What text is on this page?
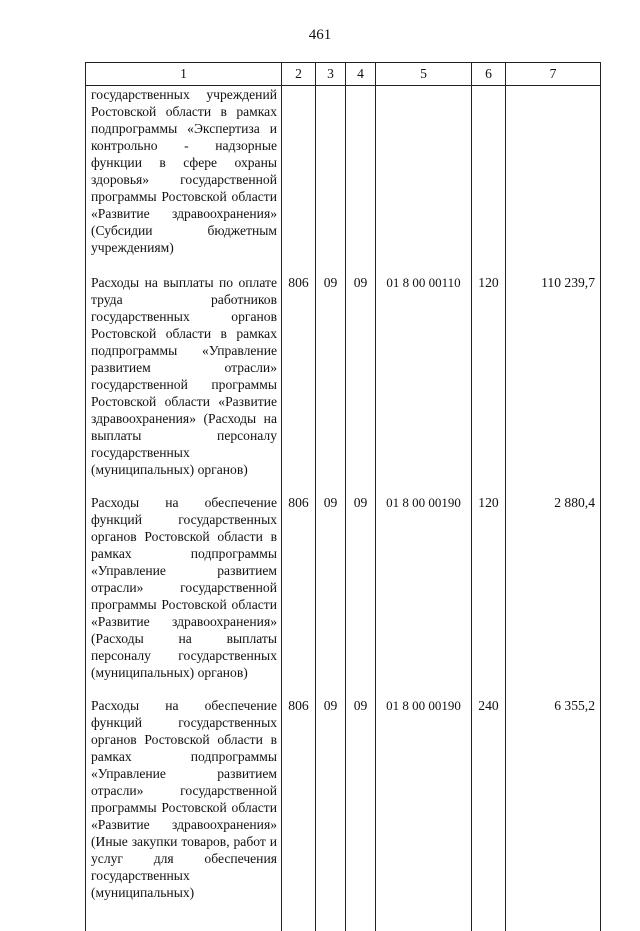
461
1	2	3	4	5	6	7
государственных учреждений Ростовской области в рамках подпрограммы «Экспертиза и контрольно - надзорные функции в сфере охраны здоровья» государственной программы Ростовской области «Развитие здравоохранения» (Субсидии бюджетным учреждениям)						
Расходы на выплаты по оплате труда работников государственных органов Ростовской области в рамках подпрограммы «Управление развитием отрасли» государственной программы Ростовской области «Развитие здравоохранения» (Расходы на выплаты персоналу государственных (муниципальных) органов)	806	09	09	01 8 00 00110	120	110 239,7
Расходы на обеспечение функций государственных органов Ростовской области в рамках подпрограммы «Управление развитием отрасли» государственной программы Ростовской области «Развитие здравоохранения» (Расходы на выплаты персоналу государственных (муниципальных) органов)	806	09	09	01 8 00 00190	120	2 880,4
Расходы на обеспечение функций государственных органов Ростовской области в рамках подпрограммы «Управление развитием отрасли» государственной программы Ростовской области «Развитие здравоохранения» (Иные закупки товаров, работ и услуг для обеспечения государственных (муниципальных)	806	09	09	01 8 00 00190	240	6 355,2
